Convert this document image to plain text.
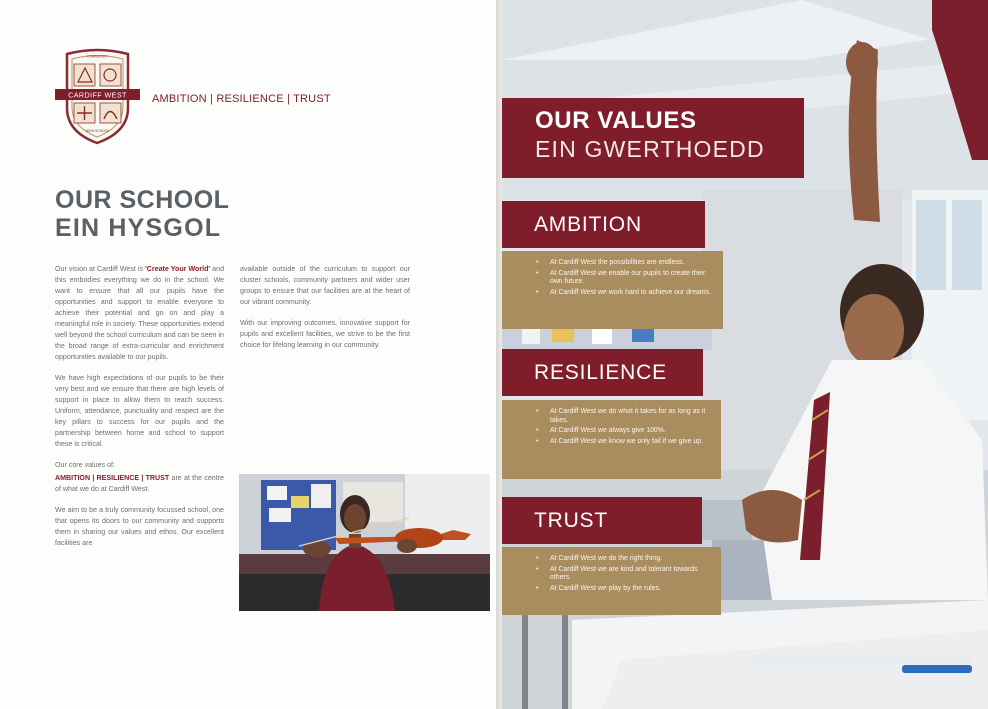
CARDIFF WEST
COMMUNITY
HIGH SCHOOL
AMBITION | RESILIENCE | TRUST
OUR SCHOOL
EIN HYSGOL

Our vision at Cardiff West is 'Create Your World' and this embodies everything we do in the school. We want to ensure that all our pupils have the opportunities and support to enable everyone to achieve their potential and go on and play a meaningful role in society. These opportunities extend well beyond the school curriculum and can be seen in the broad range of extra-curricular and enrichment opportunities available to our pupils.

We have high expectations of our pupils to be their very best and we ensure that there are high levels of support in place to allow them to reach success. Uniform, attendance, punctuality and respect are the key pillars to success for our pupils and the partnership between home and school to support these is critical.

Our core values of:

AMBITION | RESILIENCE | TRUST are at the centre of what we do at Cardiff West.

We aim to be a truly community focussed school, one that opens its doors to our community and supports them in sharing our values and ethos. Our excellent facilities are

available outside of the curriculum to support our cluster schools, community partners and wider user groups to ensure that our facilities are at the heart of our vibrant community.

With our improving outcomes, innovative support for pupils and excellent facilities, we strive to be the first choice for lifelong learning in our community.

OUR VALUES
EIN GWERTHOEDD
AMBITION
• At Cardiff West the possibilities are endless.
• At Cardiff West we enable our pupils to create their own future.
• At Cardiff West we work hard to achieve our dreams.
RESILIENCE
• At Cardiff West we do what it takes for as long as it takes.
• At Cardiff West we always give 100%.
• At Cardiff West we know we only fail if we give up.
TRUST
• At Cardiff West we do the right thing.
• At Cardiff West we are kind and tolerant towards others.
• At Cardiff West we play by the rules.
